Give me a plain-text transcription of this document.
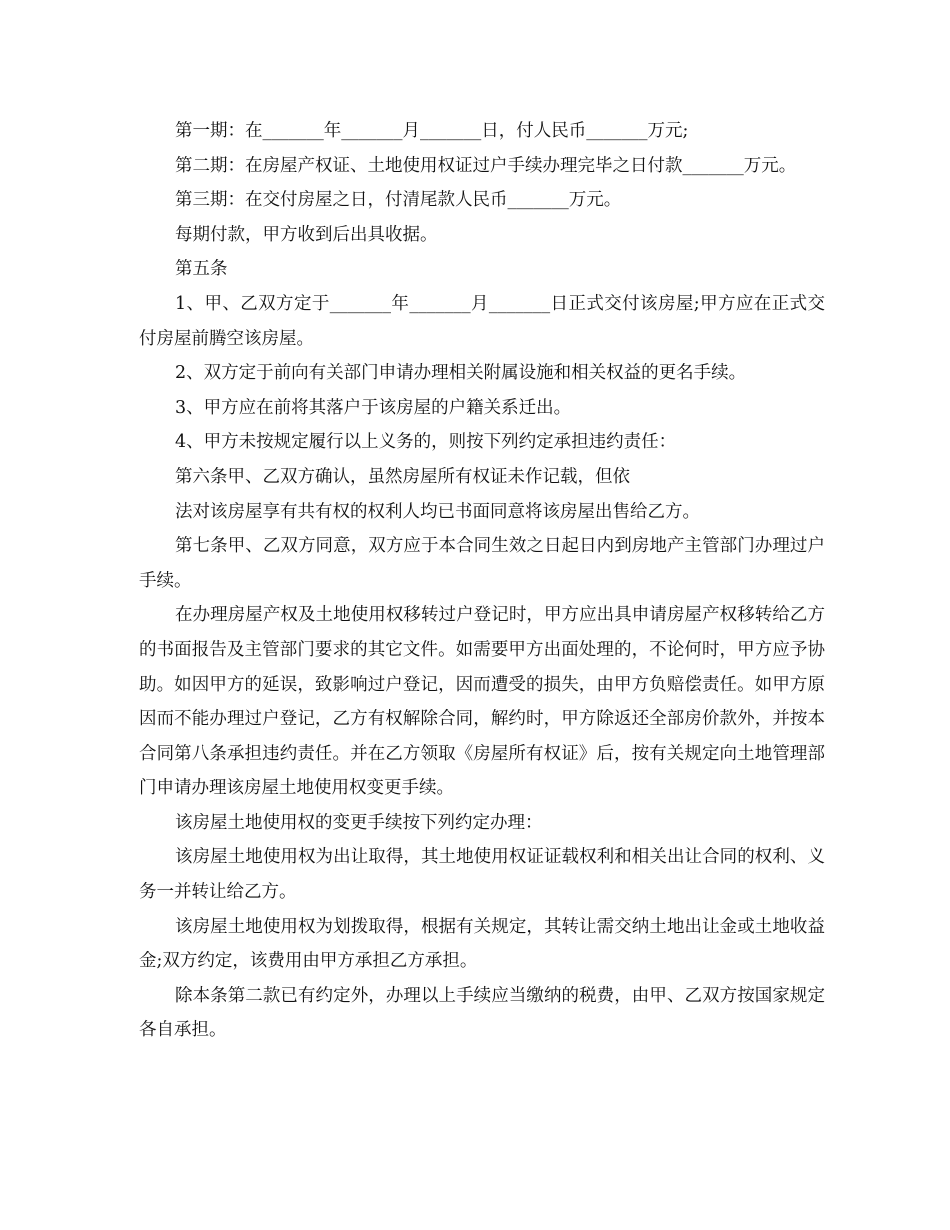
第一期：在_______年_______月_______日，付人民币_______万元;

第二期：在房屋产权证、土地使用权证过户手续办理完毕之日付款_______万元。

第三期：在交付房屋之日，付清尾款人民币_______万元。

每期付款，甲方收到后出具收据。

第五条

1、甲、乙双方定于_______年_______月_______日正式交付该房屋;甲方应在正式交付房屋前腾空该房屋。

2、双方定于前向有关部门申请办理相关附属设施和相关权益的更名手续。

3、甲方应在前将其落户于该房屋的户籍关系迁出。

4、甲方未按规定履行以上义务的，则按下列约定承担违约责任：

第六条甲、乙双方确认，虽然房屋所有权证未作记载，但依

法对该房屋享有共有权的权利人均已书面同意将该房屋出售给乙方。

第七条甲、乙双方同意，双方应于本合同生效之日起日内到房地产主管部门办理过户手续。

在办理房屋产权及土地使用权移转过户登记时，甲方应出具申请房屋产权移转给乙方的书面报告及主管部门要求的其它文件。如需要甲方出面处理的，不论何时，甲方应予协助。如因甲方的延误，致影响过户登记，因而遭受的损失，由甲方负赔偿责任。如甲方原因而不能办理过户登记，乙方有权解除合同，解约时，甲方除返还全部房价款外，并按本合同第八条承担违约责任。并在乙方领取《房屋所有权证》后，按有关规定向土地管理部门申请办理该房屋土地使用权变更手续。

该房屋土地使用权的变更手续按下列约定办理：

该房屋土地使用权为出让取得，其土地使用权证证载权利和相关出让合同的权利、义务一并转让给乙方。

该房屋土地使用权为划拨取得，根据有关规定，其转让需交纳土地出让金或土地收益金;双方约定，该费用由甲方承担乙方承担。

除本条第二款已有约定外，办理以上手续应当缴纳的税费，由甲、乙双方按国家规定各自承担。
